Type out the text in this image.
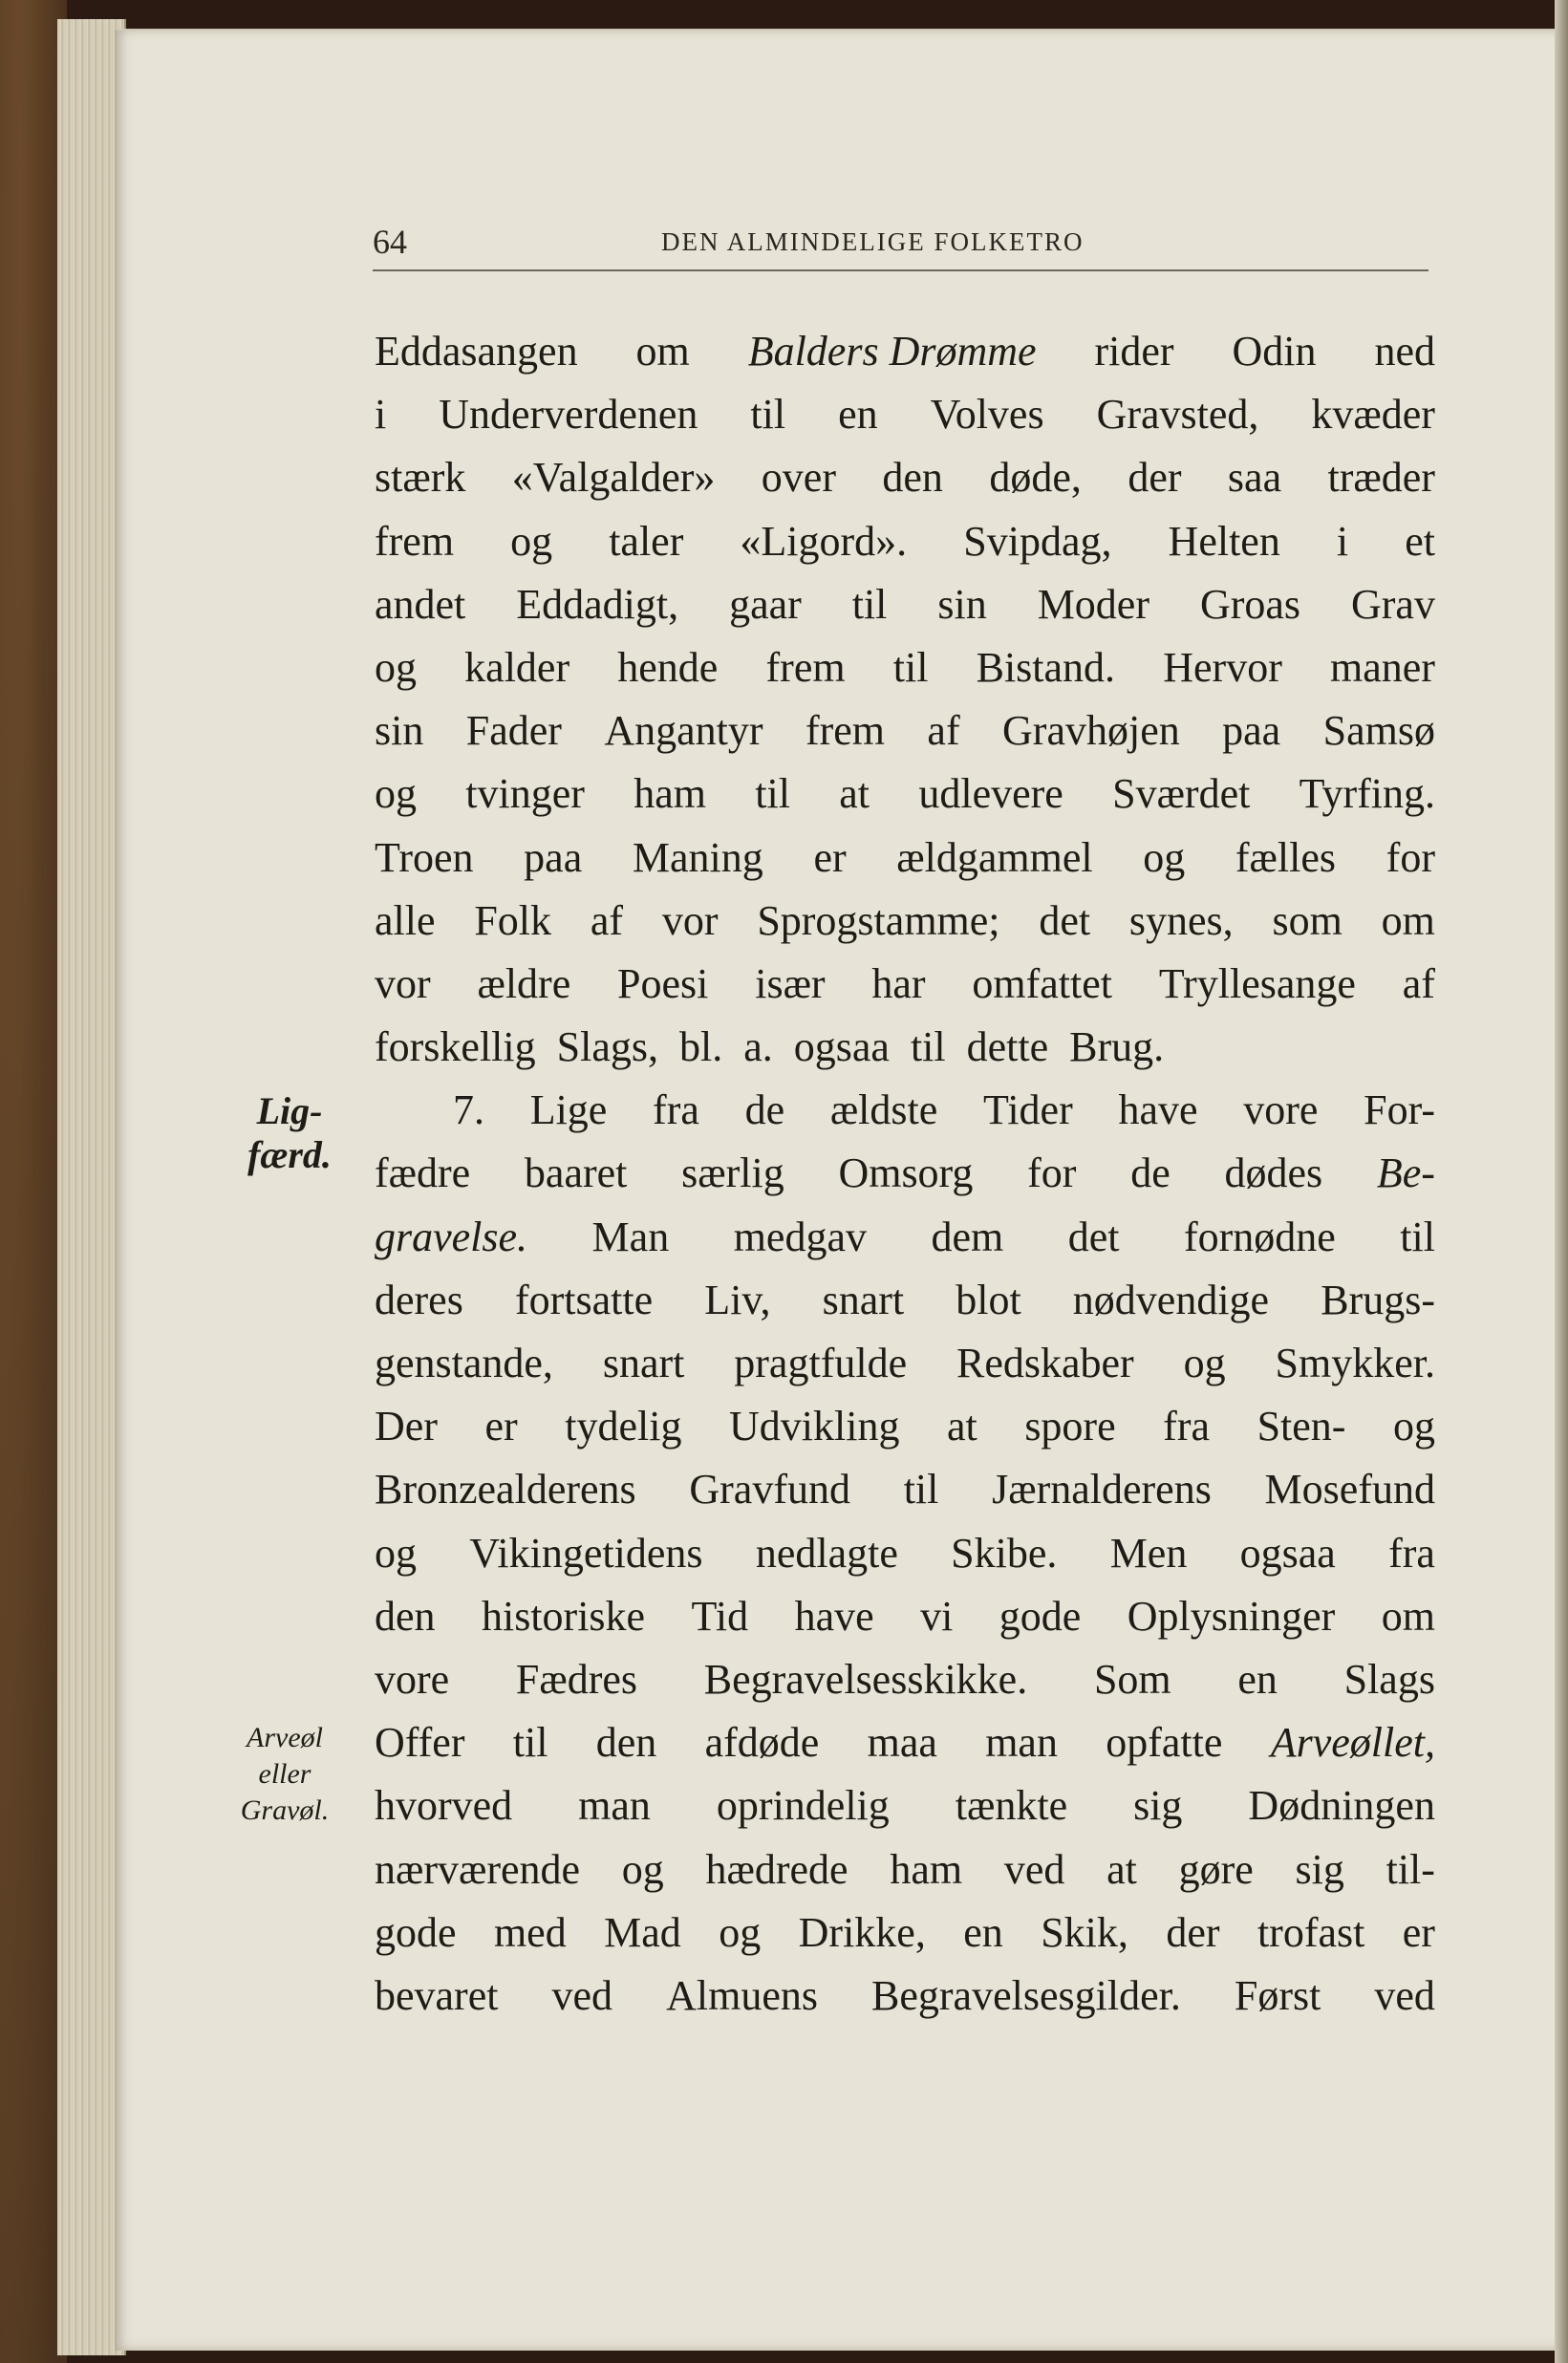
64	DEN ALMINDELIGE FOLKETRO
Lig-
færd.
Arveøl
eller
Gravøl.
Eddasangen om Balders Drømme rider Odin ned
i Underverdenen til en Volves Gravsted, kvæder
stærk «Valgalder» over den døde, der saa træder
frem og taler «Ligord». Svipdag, Helten i et
andet Eddadigt, gaar til sin Moder Groas Grav
og kalder hende frem til Bistand. Hervor maner
sin Fader Angantyr frem af Gravhøjen paa Samsø
og tvinger ham til at udlevere Sværdet Tyrfing.
Troen paa Maning er ældgammel og fælles for
alle Folk af vor Sprogstamme; det synes, som om
vor ældre Poesi især har omfattet Tryllesange af
forskellig Slags, bl. a. ogsaa til dette Brug.
7. Lige fra de ældste Tider have vore For-
fædre baaret særlig Omsorg for de dødes Be-
gravelse. Man medgav dem det fornødne til
deres fortsatte Liv, snart blot nødvendige Brugs-
genstande, snart pragtfulde Redskaber og Smykker.
Der er tydelig Udvikling at spore fra Sten- og
Bronzealderens Gravfund til Jærnalderens Mosefund
og Vikingetidens nedlagte Skibe. Men ogsaa fra
den historiske Tid have vi gode Oplysninger om
vore Fædres Begravelsesskikke. Som en Slags
Offer til den afdøde maa man opfatte Arveøllet,
hvorved man oprindelig tænkte sig Dødningen
nærværende og hædrede ham ved at gøre sig til-
gode med Mad og Drikke, en Skik, der trofast er
bevaret ved Almuens Begravelsesgilder. Først ved
